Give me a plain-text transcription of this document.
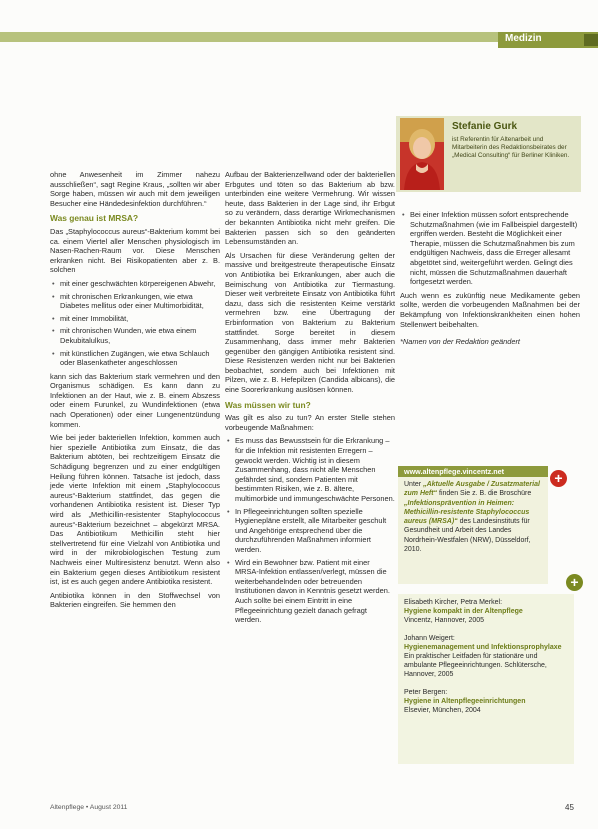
Medizin
Stefanie Gurk
ist Referentin für Altenarbeit und Mitarbeiterin des Redaktionsbeirates der „Medical Consulting“ für Berliner Kliniken.

ohne Anwesenheit im Zimmer nahezu ausschließen“, sagt Regine Kraus, „sollten wir aber Sorge haben, müssen wir auch mit dem jeweiligen Besucher eine Händedesinfektion durchführen.“

Was genau ist MRSA?

Das „Staphylococcus aureus“-Bakterium kommt bei ca. einem Viertel aller Menschen physiologisch im Nasen-Rachen-Raum vor. Diese Menschen erkranken nicht. Bei Risikopatienten aber z. B. solchen

• mit einer geschwächten körpereigenen Abwehr,
• mit chronischen Erkrankungen, wie etwa Diabetes mellitus oder einer Multimorbidität,
• mit einer Immobilität,
• mit chronischen Wunden, wie etwa einem Dekubitalulkus,
• mit künstlichen Zugängen, wie etwa Schlauch oder Blasenkatheter angeschlossen

kann sich das Bakterium stark vermehren und den Organismus schädigen. Es kann dann zu Infektionen an der Haut, wie z. B. einem Abszess oder einem Furunkel, zu Wundinfektionen (etwa nach Operationen) oder einer Lungenentzündung kommen.

Wie bei jeder bakteriellen Infektion, kommen auch hier spezielle Antibiotika zum Einsatz, die das Bakterium abtöten, bei rechtzeitigem Einsatz die Schädigung begrenzen und zu einer endgültigen Heilung führen können. Tatsache ist jedoch, dass jede vierte Infektion mit einem „Staphylococcus aureus“-Bakterium stattfindet, das gegen die vorhandenen Antibiotika resistent ist. Dieser Typ wird als „Methicillin-resistenter Staphylococcus aureus“-Bakterium bezeichnet – abgekürzt MRSA. Das Antibiotikum Methicillin steht hier stellvertretend für eine Vielzahl von Antibiotika und wird in der mikrobiologischen Testung zum Nachweis einer Multiresistenz benutzt. Wenn also ein Bakterium gegen dieses Antibiotikum resistent ist, ist es auch gegen andere Antibiotika resistent.

Antibiotika können in den Stoffwechsel von Bakterien eingreifen. Sie hemmen den

Aufbau der Bakterienzellwand oder der bakteriellen Erbgutes und töten so das Bakterium ab bzw. unterbinden eine weitere Vermehrung. Wir wissen heute, dass Bakterien in der Lage sind, ihr Erbgut so zu verändern, dass derartige Wirkmechanismen der bekannten Antibiotika nicht mehr greifen. Die Bakterien passen sich so den geänderten Lebensumständen an.

Als Ursachen für diese Veränderung gelten der massive und breitgestreute therapeutische Einsatz von Antibiotika bei Erkrankungen, aber auch die Beimischung von Antibiotika zur Tiermastung. Dieser weit verbreitete Einsatz von Antibiotika führt dazu, dass sich die resistenten Keime verstärkt vermehren bzw. eine Übertragung der Erbinformation von Bakterium zu Bakterium stattfindet. Sorge bereitet in diesem Zusammenhang, dass immer mehr Bakterien gegenüber den gängigen Antibiotika resistent sind. Diese Resistenzen werden nicht nur bei Bakterien beobachtet, sondern auch bei Infektionen mit Pilzen, wie z. B. Hefepilzen (Candida albicans), die eine Soorerkrankung auslösen können.

Was müssen wir tun?

Was gilt es also zu tun? An erster Stelle stehen vorbeugende Maßnahmen:

• Es muss das Bewusstsein für die Erkrankung – für die Infektion mit resistenten Erregern – gewockt werden. Wichtig ist in diesem Zusammenhang, dass nicht alle Menschen gefährdet sind, sondern Patienten mit bestimmten Risiken, wie z. B. ältere, multimorbide und immungeschwächte Personen.
• In Pflegeeinrichtungen sollten spezielle Hygienepläne erstellt, alle Mitarbeiter geschult und Angehörige entsprechend über die durchzuführenden Maßnahmen informiert werden.
• Wird ein Bewohner bzw. Patient mit einer MRSA-Infektion entlassen/verlegt, müssen die weiterbehandelnden oder betreuenden Institutionen davon in Kenntnis gesetzt werden. Auch sollte bei einem Eintritt in eine Pflegeeinrichtung gezielt danach gefragt werden.
• Bei einer Infektion müssen sofort entsprechende Schutzmaßnahmen (wie im Fallbeispiel dargestellt) ergriffen werden. Besteht die Möglichkeit einer Therapie, müssen die Schutzmaßnahmen bis zum endgültigen Nachweis, dass die Erreger allesamt abgetötet sind, weitergeführt werden. Gelingt dies nicht, müssen die Schutzmaßnahmen dauerhaft fortgesetzt werden.

Auch wenn es zukünftig neue Medikamente geben sollte, werden die vorbeugenden Maßnahmen bei der Bekämpfung von Infektionskrankheiten einen hohen Stellenwert beibehalten.

*Namen von der Redaktion geändert

www.altenpflege.vincentz.net	+
Unter „Aktuelle Ausgabe / Zusatzmaterial zum Heft“ finden Sie z. B. die Broschüre „Infektionsprävention in Heimen: Methicillin-resistente Staphylococcus aureus (MRSA)“ des Landesinstituts für Gesundheit und Arbeit des Landes Nordrhein-Westfalen (NRW), Düsseldorf, 2010.
+
Elisabeth Kircher, Petra Merkel:
Hygiene kompakt in der Altenpflege
Vincentz, Hannover, 2005
Johann Weigert:
Hygienemanagement und Infektionsprophylaxe
Ein praktischer Leitfaden für stationäre und ambulante Pflegeeinrichtungen. Schlütersche, Hannover, 2005
Peter Bergen:
Hygiene in Altenpflegeeinrichtungen
Elsevier, München, 2004
Altenpflege • August 2011	45
